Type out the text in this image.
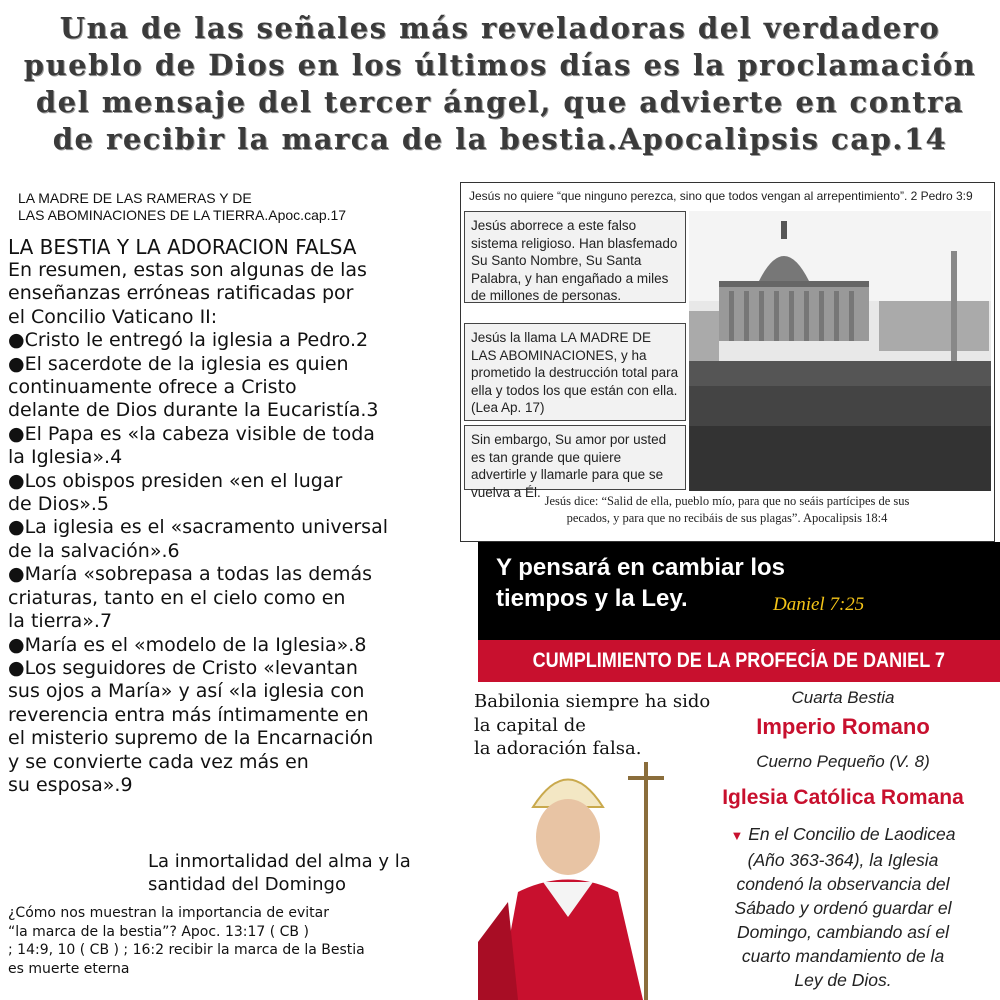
Una de las señales más reveladoras del verdadero
pueblo de Dios en los últimos días es la proclamación
del mensaje del tercer ángel, que advierte en contra
de recibir la marca de la bestia.Apocalipsis cap.14
LA MADRE DE LAS RAMERAS Y DE
LAS ABOMINACIONES DE LA TIERRA.Apoc.cap.17

LA BESTIA Y LA ADORACION FALSA

En resumen, estas son algunas de las
enseñanzas erróneas ratificadas por
el Concilio Vaticano II:

●Cristo le entregó la iglesia a Pedro.2

●El sacerdote de la iglesia es quien
continuamente ofrece a Cristo
delante de Dios durante la Eucaristía.3

●El Papa es «la cabeza visible de toda
la Iglesia».4

●Los obispos presiden «en el lugar
de Dios».5

●La iglesia es el «sacramento universal
de la salvación».6

●María «sobrepasa a todas las demás
criaturas, tanto en el cielo como en
la tierra».7

●María es el «modelo de la Iglesia».8

●Los seguidores de Cristo «levantan
sus ojos a María» y así «la iglesia con
reverencia entra más íntimamente en
el misterio supremo de la Encarnación
y se convierte cada vez más en
su esposa».9

La inmortalidad del alma y la
santidad del Domingo
¿Cómo nos muestran la importancia de evitar
“la marca de la bestia”? Apoc. 13:17 ( CB )
; 14:9, 10 ( CB ) ; 16:2 recibir la marca de la Bestia
es muerte eterna
Jesús no quiere “que ninguno perezca, sino que todos vengan al arrepentimiento”. 2 Pedro 3:9
Jesús aborrece a este falso sistema religioso. Han blasfemado Su Santo Nombre, Su Santa Palabra, y han engañado a miles de millones de personas.
Jesús la llama LA MADRE DE LAS ABOMINACIONES, y ha prometido la destrucción total para ella y todos los que están con ella. (Lea Ap. 17)
Sin embargo, Su amor por usted es tan grande que quiere advertirle y llamarle para que se vuelva a Él.
Jesús dice: “Salid de ella, pueblo mío, para que no seáis partícipes de sus
pecados, y para que no recibáis de sus plagas”. Apocalipsis 18:4
Y pensará en cambiar los
tiempos y la Ley.	Daniel 7:25
CUMPLIMIENTO DE LA PROFECÍA DE DANIEL 7
Babilonia siempre ha sido
la capital de
la adoración falsa.
Cuarta Bestia
Imperio Romano
Cuerno Pequeño (V. 8)
Iglesia Católica Romana
▼ En el Concilio de Laodicea
(Año 363-364), la Iglesia
condenó la observancia del
Sábado y ordenó guardar el
Domingo, cambiando así el
cuarto mandamiento de la
Ley de Dios.
